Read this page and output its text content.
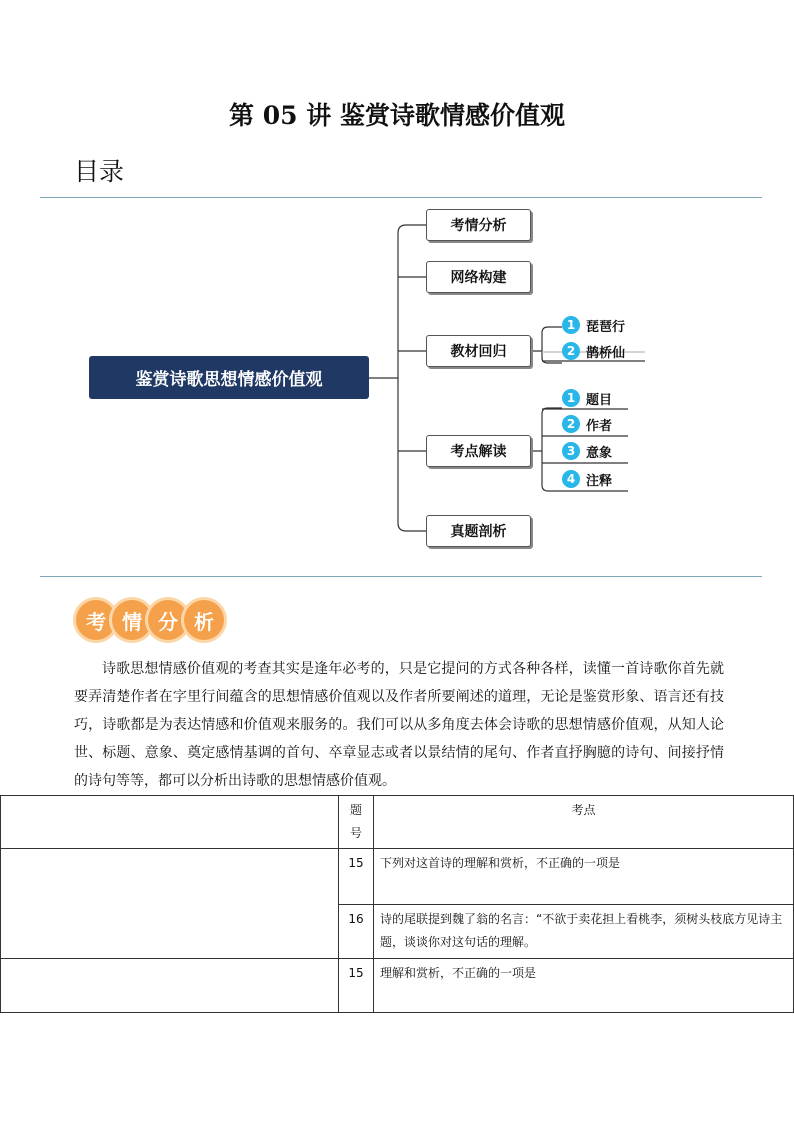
第 05 讲 鉴赏诗歌情感价值观
目录
鉴赏诗歌思想情感价值观
考情分析
网络构建
教材回归
考点解读
真题剖析
1 琵琶行
2 鹊桥仙
1 题目
2 作者
3 意象
4 注释
考 情 分 析
诗歌思想情感价值观的考查其实是逢年必考的，只是它提问的方式各种各样，读懂一首诗歌你首先就要弄清楚作者在字里行间蕴含的思想情感价值观以及作者所要阐述的道理，无论是鉴赏形象、语言还有技巧，诗歌都是为表达情感和价值观来服务的。我们可以从多角度去体会诗歌的思想情感价值观，从知人论世、标题、意象、奠定感情基调的首句、卒章显志或者以景结情的尾句、作者直抒胸臆的诗句、间接抒情的诗句等等，都可以分析出诗歌的思想情感价值观。
	题号	考点
	15	下列对这首诗的理解和赏析，不正确的一项是
	16	诗的尾联提到魏了翁的名言：“不欲于卖花担上看桃李，须树头枝底方见诗主题，谈谈你对这句话的理解。
	15	理解和赏析，不正确的一项是
